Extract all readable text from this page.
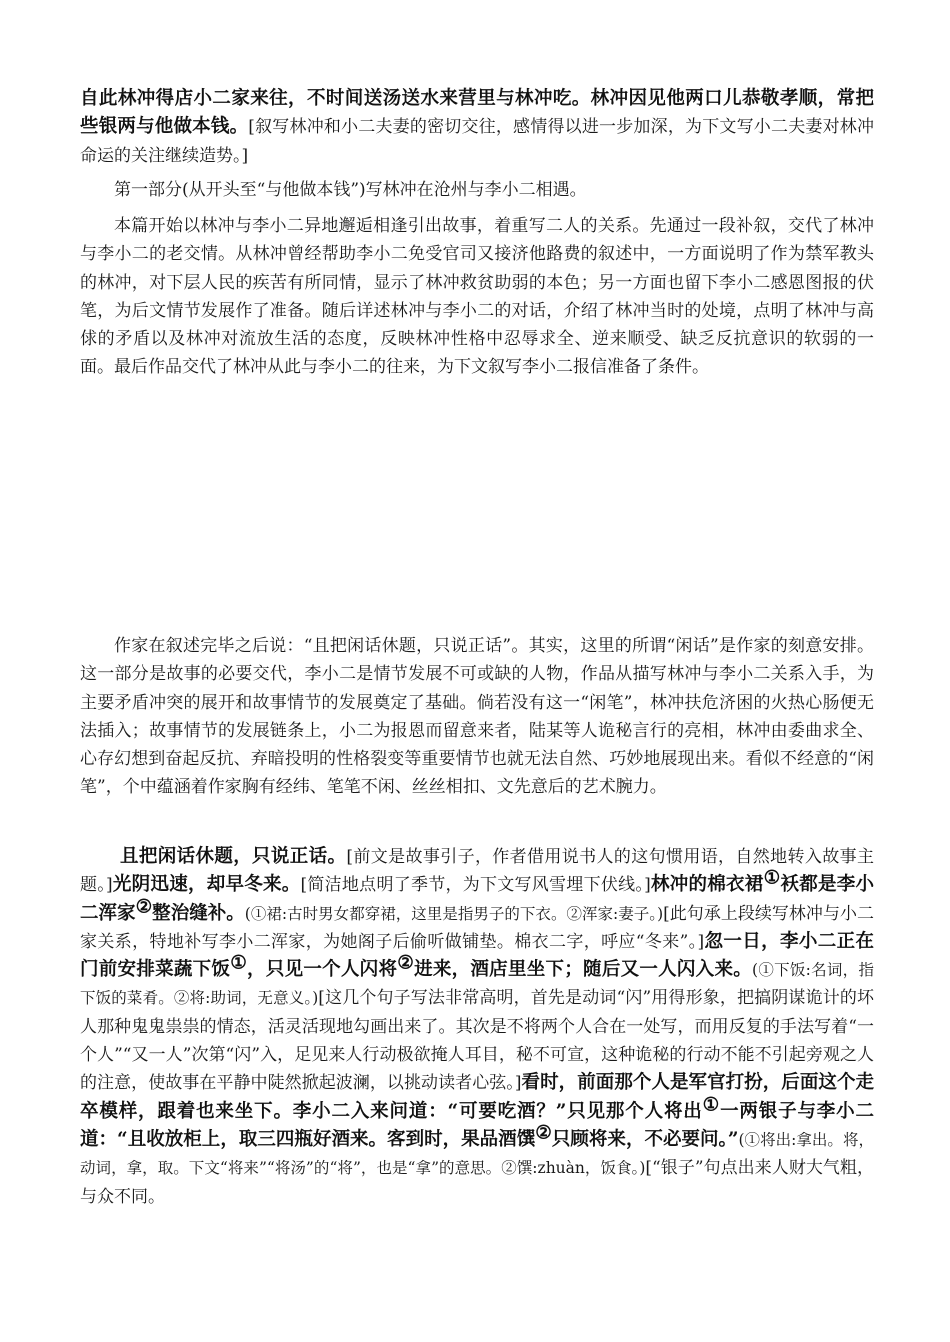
自此林冲得店小二家来往，不时间送汤送水来营里与林冲吃。林冲因见他两口儿恭敬孝顺，常把些银两与他做本钱。[叙写林冲和小二夫妻的密切交往，感情得以进一步加深，为下文写小二夫妻对林冲命运的关注继续造势。]

第一部分(从开头至“与他做本钱”)写林冲在沧州与李小二相遇。

本篇开始以林冲与李小二异地邂逅相逢引出故事，着重写二人的关系。先通过一段补叙，交代了林冲与李小二的老交情。从林冲曾经帮助李小二免受官司又接济他路费的叙述中，一方面说明了作为禁军教头的林冲，对下层人民的疾苦有所同情，显示了林冲救贫助弱的本色；另一方面也留下李小二感恩图报的伏笔，为后文情节发展作了准备。随后详述林冲与李小二的对话，介绍了林冲当时的处境，点明了林冲与高俅的矛盾以及林冲对流放生活的态度，反映林冲性格中忍辱求全、逆来顺受、缺乏反抗意识的软弱的一面。最后作品交代了林冲从此与李小二的往来，为下文叙写李小二报信准备了条件。

作家在叙述完毕之后说：“且把闲话休题，只说正话”。其实，这里的所谓“闲话”是作家的刻意安排。这一部分是故事的必要交代，李小二是情节发展不可或缺的人物，作品从描写林冲与李小二关系入手，为主要矛盾冲突的展开和故事情节的发展奠定了基础。倘若没有这一“闲笔”，林冲扶危济困的火热心肠便无法插入；故事情节的发展链条上，小二为报恩而留意来者，陆某等人诡秘言行的亮相，林冲由委曲求全、心存幻想到奋起反抗、弃暗投明的性格裂变等重要情节也就无法自然、巧妙地展现出来。看似不经意的“闲笔”，个中蕴涵着作家胸有经纬、笔笔不闲、丝丝相扣、文先意后的艺术腕力。

且把闲话休题，只说正话。[前文是故事引子，作者借用说书人的这句惯用语，自然地转入故事主题。]光阴迅速，却早冬来。[简洁地点明了季节，为下文写风雪埋下伏线。]林冲的棉衣裙①袄都是李小二浑家②整治缝补。(①裙:古时男女都穿裙，这里是指男子的下衣。②浑家:妻子。)[此句承上段续写林冲与小二家关系，特地补写李小二浑家，为她阁子后偷听做铺垫。棉衣二字，呼应“冬来”。]忽一日，李小二正在门前安排菜蔬下饭①，只见一个人闪将②进来，酒店里坐下；随后又一人闪入来。(①下饭:名词，指下饭的菜肴。②将:助词，无意义。)[这几个句子写法非常高明，首先是动词“闪”用得形象，把搞阴谋诡计的坏人那种鬼鬼祟祟的情态，活灵活现地勾画出来了。其次是不将两个人合在一处写，而用反复的手法写着“一个人”“又一人”次第“闪”入，足见来人行动极欲掩人耳目，秘不可宣，这种诡秘的行动不能不引起旁观之人的注意，使故事在平静中陡然掀起波澜，以挑动读者心弦。]看时，前面那个人是军官打扮，后面这个走卒模样，跟着也来坐下。李小二入来问道：“可要吃酒？”只见那个人将出①一两银子与李小二道：“且收放柜上，取三四瓶好酒来。客到时，果品酒馔②只顾将来，不必要问。”(①将出:拿出。将，动词，拿，取。下文“将来”“将汤”的“将”，也是“拿”的意思。②馔:zhuàn，饭食。)[“银子”句点出来人财大气粗，与众不同。
